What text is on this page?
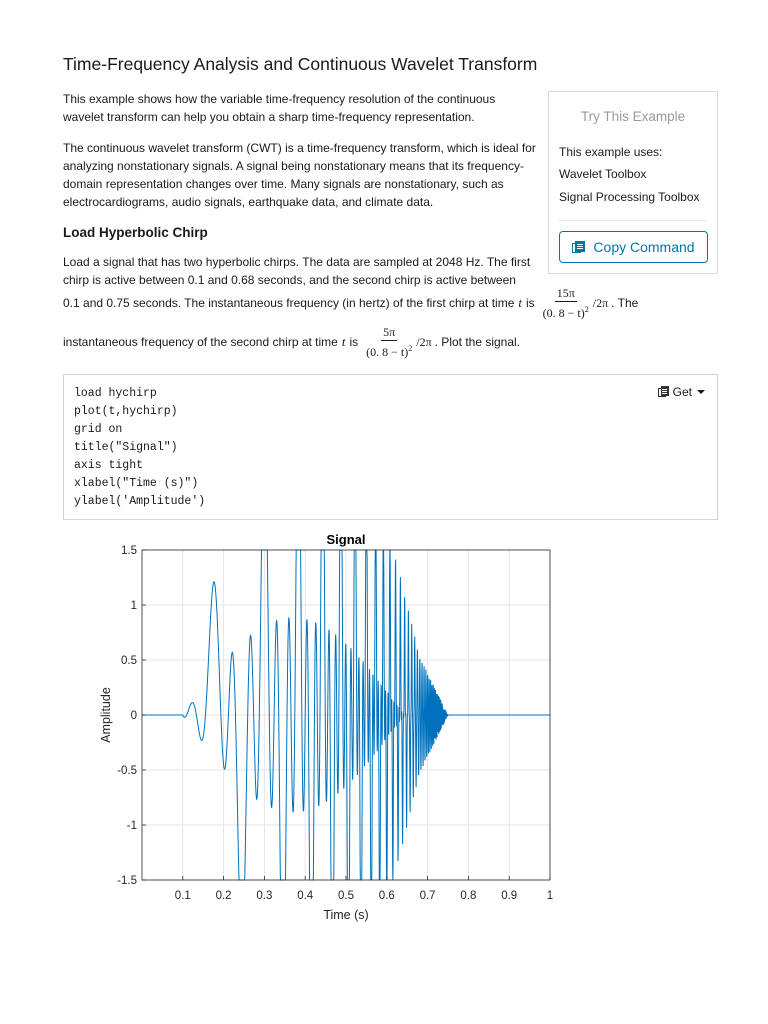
Time-Frequency Analysis and Continuous Wavelet Transform

This example shows how the variable time-frequency resolution of the continuous wavelet transform can help you obtain a sharp time-frequency representation.

The continuous wavelet transform (CWT) is a time-frequency transform, which is ideal for analyzing nonstationary signals. A signal being nonstationary means that its frequency-domain representation changes over time. Many signals are nonstationary, such as electrocardiograms, audio signals, earthquake data, and climate data.

Try This Example
This example uses:
Wavelet Toolbox
Signal Processing Toolbox
Copy Command
Load Hyperbolic Chirp

Load a signal that has two hyperbolic chirps. The data are sampled at 2048 Hz. The first chirp is active between 0.1 and 0.68 seconds, and the second chirp is active between

0.1 and 0.75 seconds. The instantaneous frequency (in hertz) of the first chirp at time t is $\frac{15\pi}{(0. 8 - t)^2} /2\pi$ . The
instantaneous frequency of the second chirp at time t is $\frac{5\pi}{(0. 8 - t)^2} /2\pi$ . Plot the signal.
load hychirp
plot(t,hychirp)
grid on
title("Signal")
axis tight
xlabel("Time (s)")
ylabel('Amplitude')
Get
0.1 0.2 0.3 0.4 0.5 0.6 0.7 0.8 0.9	1
1.5
1
0.5
0
-0.5
-1
-1.5
Signal
Time (s)
Amplitude
